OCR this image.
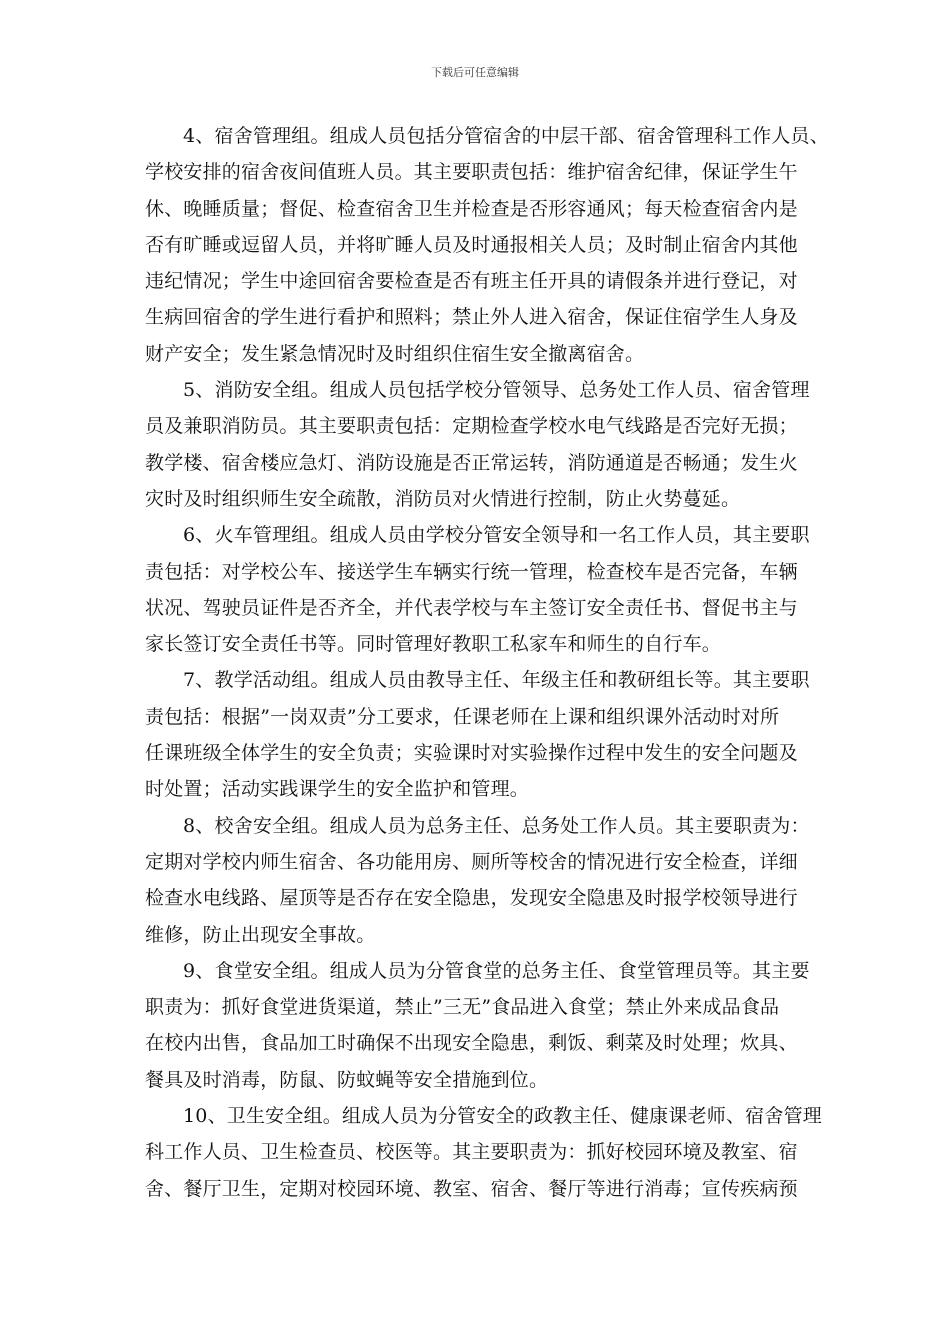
下载后可任意编辑
4、宿舍管理组。组成人员包括分管宿舍的中层干部、宿舍管理科工作人员、
学校安排的宿舍夜间值班人员。其主要职责包括：维护宿舍纪律，保证学生午
休、晚睡质量；督促、检查宿舍卫生并检查是否形容通风；每天检查宿舍内是
否有旷睡或逗留人员，并将旷睡人员及时通报相关人员；及时制止宿舍内其他
违纪情况；学生中途回宿舍要检查是否有班主任开具的请假条并进行登记，对
生病回宿舍的学生进行看护和照料；禁止外人进入宿舍，保证住宿学生人身及
财产安全；发生紧急情况时及时组织住宿生安全撤离宿舍。
5、消防安全组。组成人员包括学校分管领导、总务处工作人员、宿舍管理
员及兼职消防员。其主要职责包括：定期检查学校水电气线路是否完好无损；
教学楼、宿舍楼应急灯、消防设施是否正常运转，消防通道是否畅通；发生火
灾时及时组织师生安全疏散，消防员对火情进行控制，防止火势蔓延。
6、火车管理组。组成人员由学校分管安全领导和一名工作人员，其主要职
责包括：对学校公车、接送学生车辆实行统一管理，检查校车是否完备，车辆
状况、驾驶员证件是否齐全，并代表学校与车主签订安全责任书、督促书主与
家长签订安全责任书等。同时管理好教职工私家车和师生的自行车。
7、教学活动组。组成人员由教导主任、年级主任和教研组长等。其主要职
责包括：根据”一岗双责”分工要求，任课老师在上课和组织课外活动时对所
任课班级全体学生的安全负责；实验课时对实验操作过程中发生的安全问题及
时处置；活动实践课学生的安全监护和管理。
8、校舍安全组。组成人员为总务主任、总务处工作人员。其主要职责为：
定期对学校内师生宿舍、各功能用房、厕所等校舍的情况进行安全检查，详细
检查水电线路、屋顶等是否存在安全隐患，发现安全隐患及时报学校领导进行
维修，防止出现安全事故。
9、食堂安全组。组成人员为分管食堂的总务主任、食堂管理员等。其主要
职责为：抓好食堂进货渠道，禁止”三无”食品进入食堂；禁止外来成品食品
在校内出售，食品加工时确保不出现安全隐患，剩饭、剩菜及时处理；炊具、
餐具及时消毒，防鼠、防蚊蝇等安全措施到位。
10、卫生安全组。组成人员为分管安全的政教主任、健康课老师、宿舍管理
科工作人员、卫生检查员、校医等。其主要职责为：抓好校园环境及教室、宿
舍、餐厅卫生，定期对校园环境、教室、宿舍、餐厅等进行消毒；宣传疾病预
